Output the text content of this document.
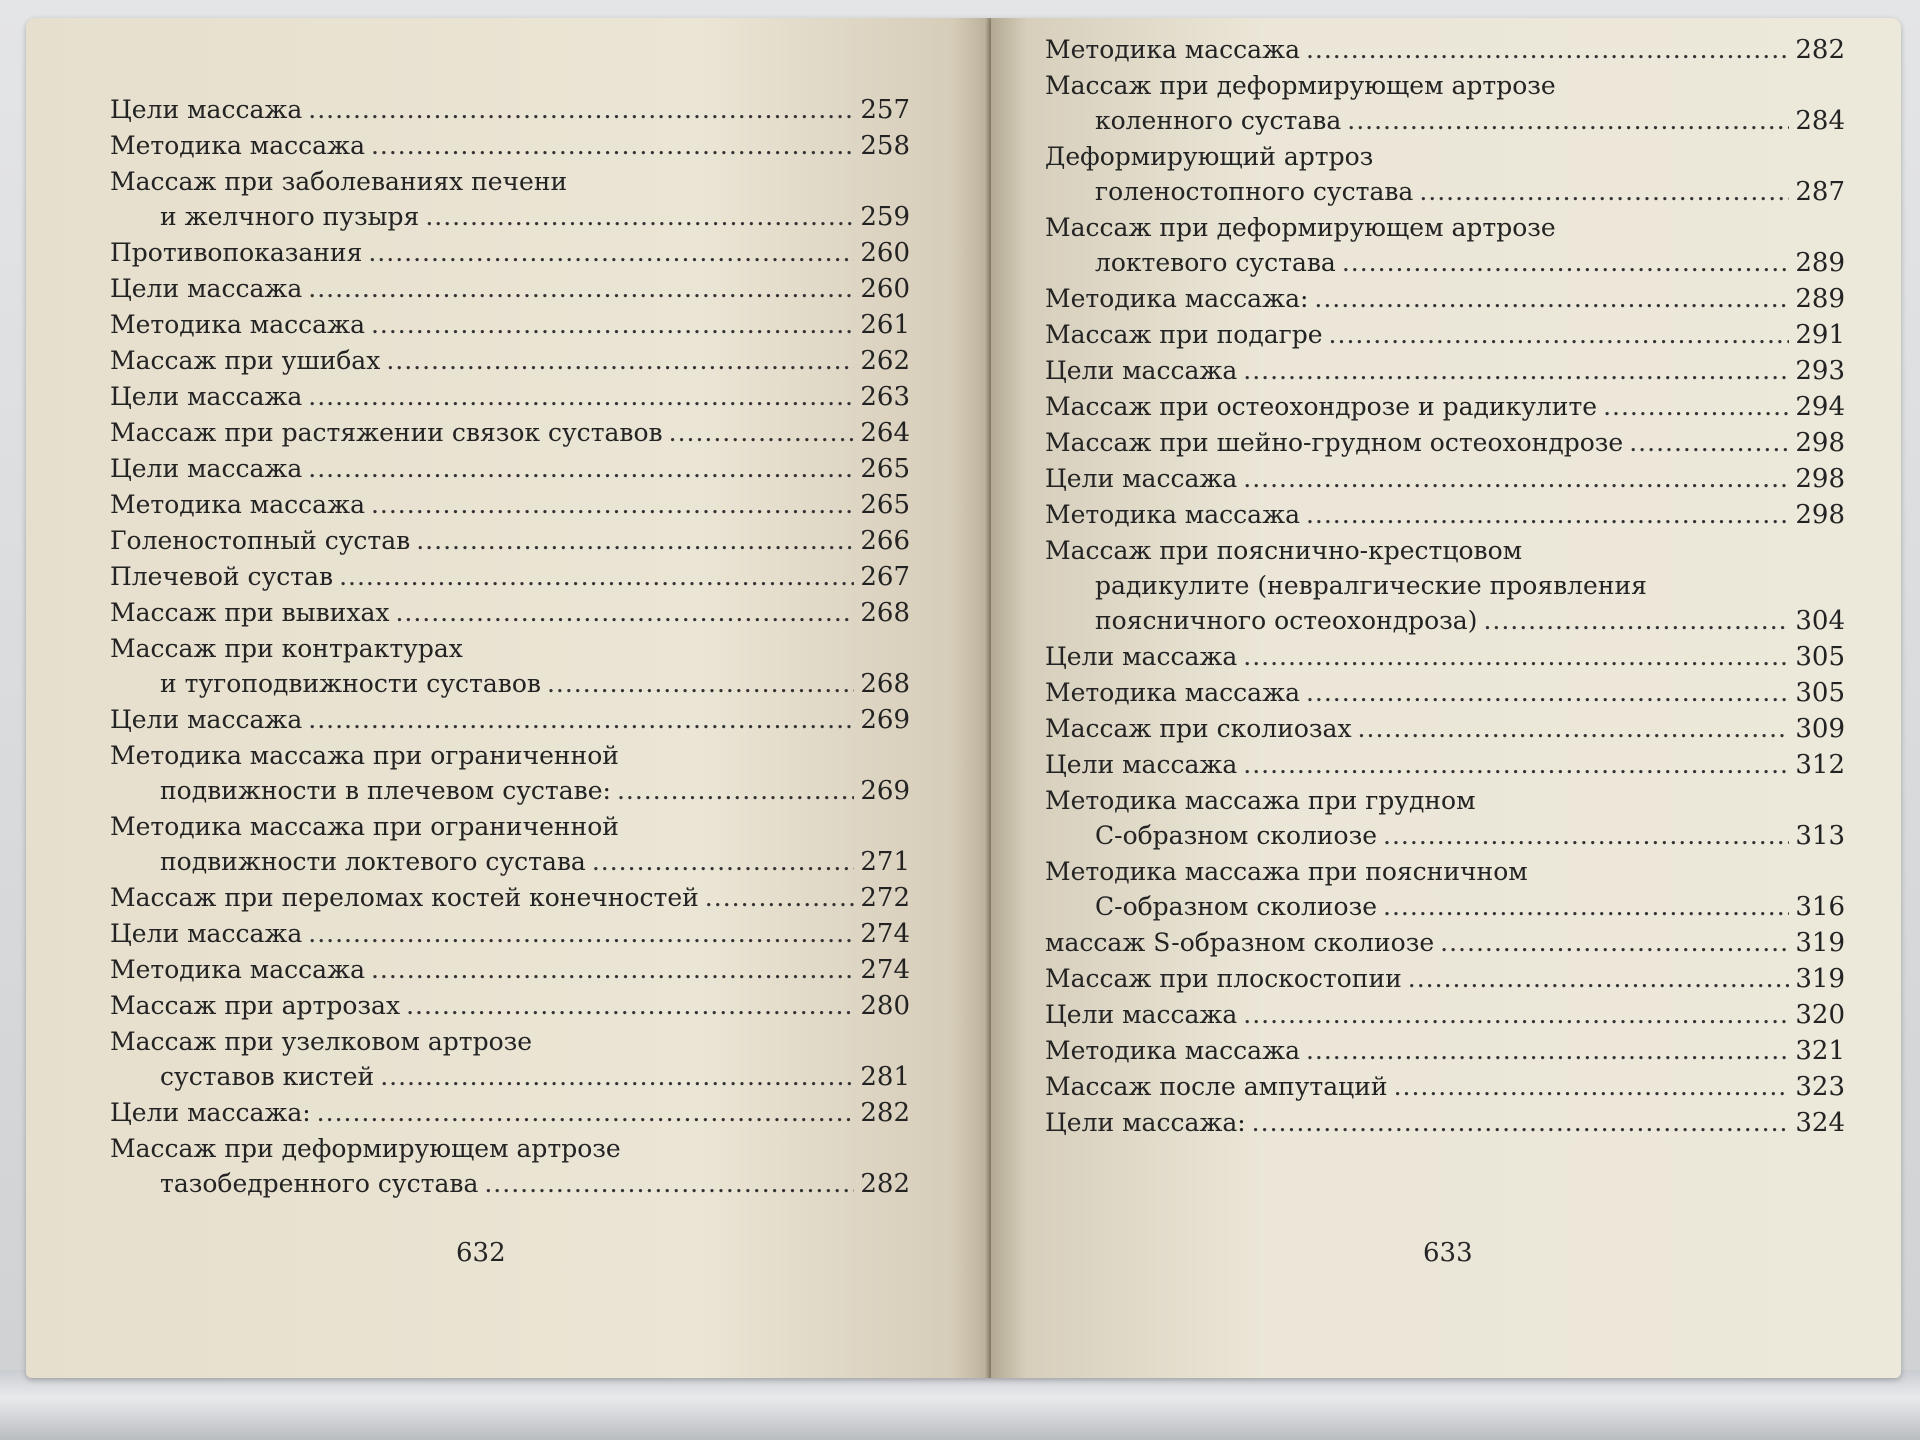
Цели массажа .....	257
Методика массажа .....	258
Массаж при заболеваниях печени
и желчного пузыря .....	259
Противопоказания .....	260
Цели массажа .....	260
Методика массажа .....	261
Массаж при ушибах .....	262
Цели массажа .....	263
Массаж при растяжении связок суставов .....	264
Цели массажа .....	265
Методика массажа .....	265
Голеностопный сустав .....	266
Плечевой сустав .....	267
Массаж при вывихах .....	268
Массаж при контрактурах
и тугоподвижности суставов .....	268
Цели массажа .....	269
Методика массажа при ограниченной
подвижности в плечевом суставе: .....	269
Методика массажа при ограниченной
подвижности локтевого сустава .....	271
Массаж при переломах костей конечностей .....	272
Цели массажа .....	274
Методика массажа .....	274
Массаж при артрозах .....	280
Массаж при узелковом артрозе
суставов кистей .....	281
Цели массажа: .....	282
Массаж при деформирующем артрозе
тазобедренного сустава .....	282
632
Методика массажа .....	282
Массаж при деформирующем артрозе
коленного сустава .....	284
Деформирующий артроз
голеностопного сустава .....	287
Массаж при деформирующем артрозе
локтевого сустава .....	289
Методика массажа: .....	289
Массаж при подагре .....	291
Цели массажа .....	293
Массаж при остеохондрозе и радикулите .....	294
Массаж при шейно-грудном остеохондрозе .....	298
Цели массажа .....	298
Методика массажа .....	298
Массаж при пояснично-крестцовом
радикулите (невралгические проявления
поясничного остеохондроза) .....	304
Цели массажа .....	305
Методика массажа .....	305
Массаж при сколиозах .....	309
Цели массажа .....	312
Методика массажа при грудном
С-образном сколиозе .....	313
Методика массажа при поясничном
С-образном сколиозе .....	316
массаж S-образном сколиозе .....	319
Массаж при плоскостопии .....	319
Цели массажа .....	320
Методика массажа .....	321
Массаж после ампутаций .....	323
Цели массажа: .....	324
633
